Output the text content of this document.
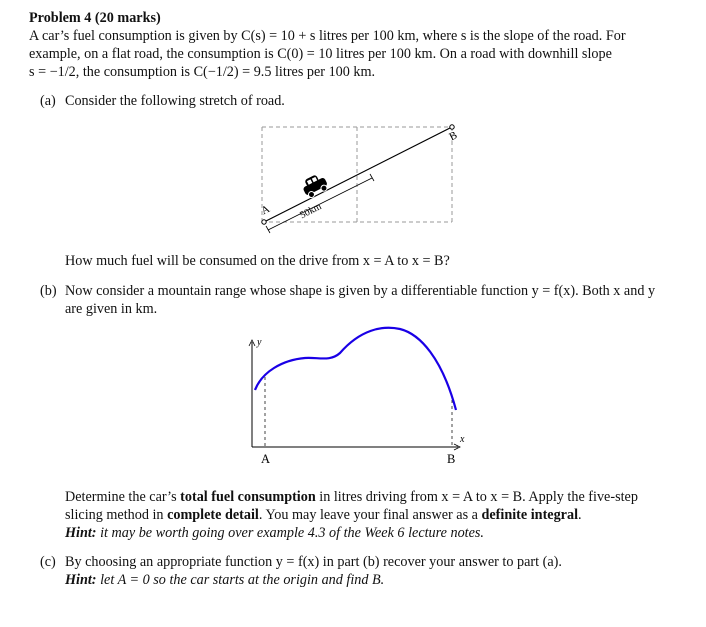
Problem 4 (20 marks)
A car’s fuel consumption is given by C(s) = 10 + s litres per 100 km, where s is the slope of the road. For
example, on a flat road, the consumption is C(0) = 10 litres per 100 km. On a road with downhill slope
s = −1/2, the consumption is C(−1/2) = 9.5 litres per 100 km.
(a) Consider the following stretch of road.
A
B
50km
How much fuel will be consumed on the drive from x = A to x = B?
(b) Now consider a mountain range whose shape is given by a differentiable function y = f(x). Both x and y
are given in km.
y
x
A	B
Determine the car’s total fuel consumption in litres driving from x = A to x = B. Apply the five-step
slicing method in complete detail. You may leave your final answer as a definite integral.
Hint: it may be worth going over example 4.3 of the Week 6 lecture notes.
(c) By choosing an appropriate function y = f(x) in part (b) recover your answer to part (a).
Hint: let A = 0 so the car starts at the origin and find B.
